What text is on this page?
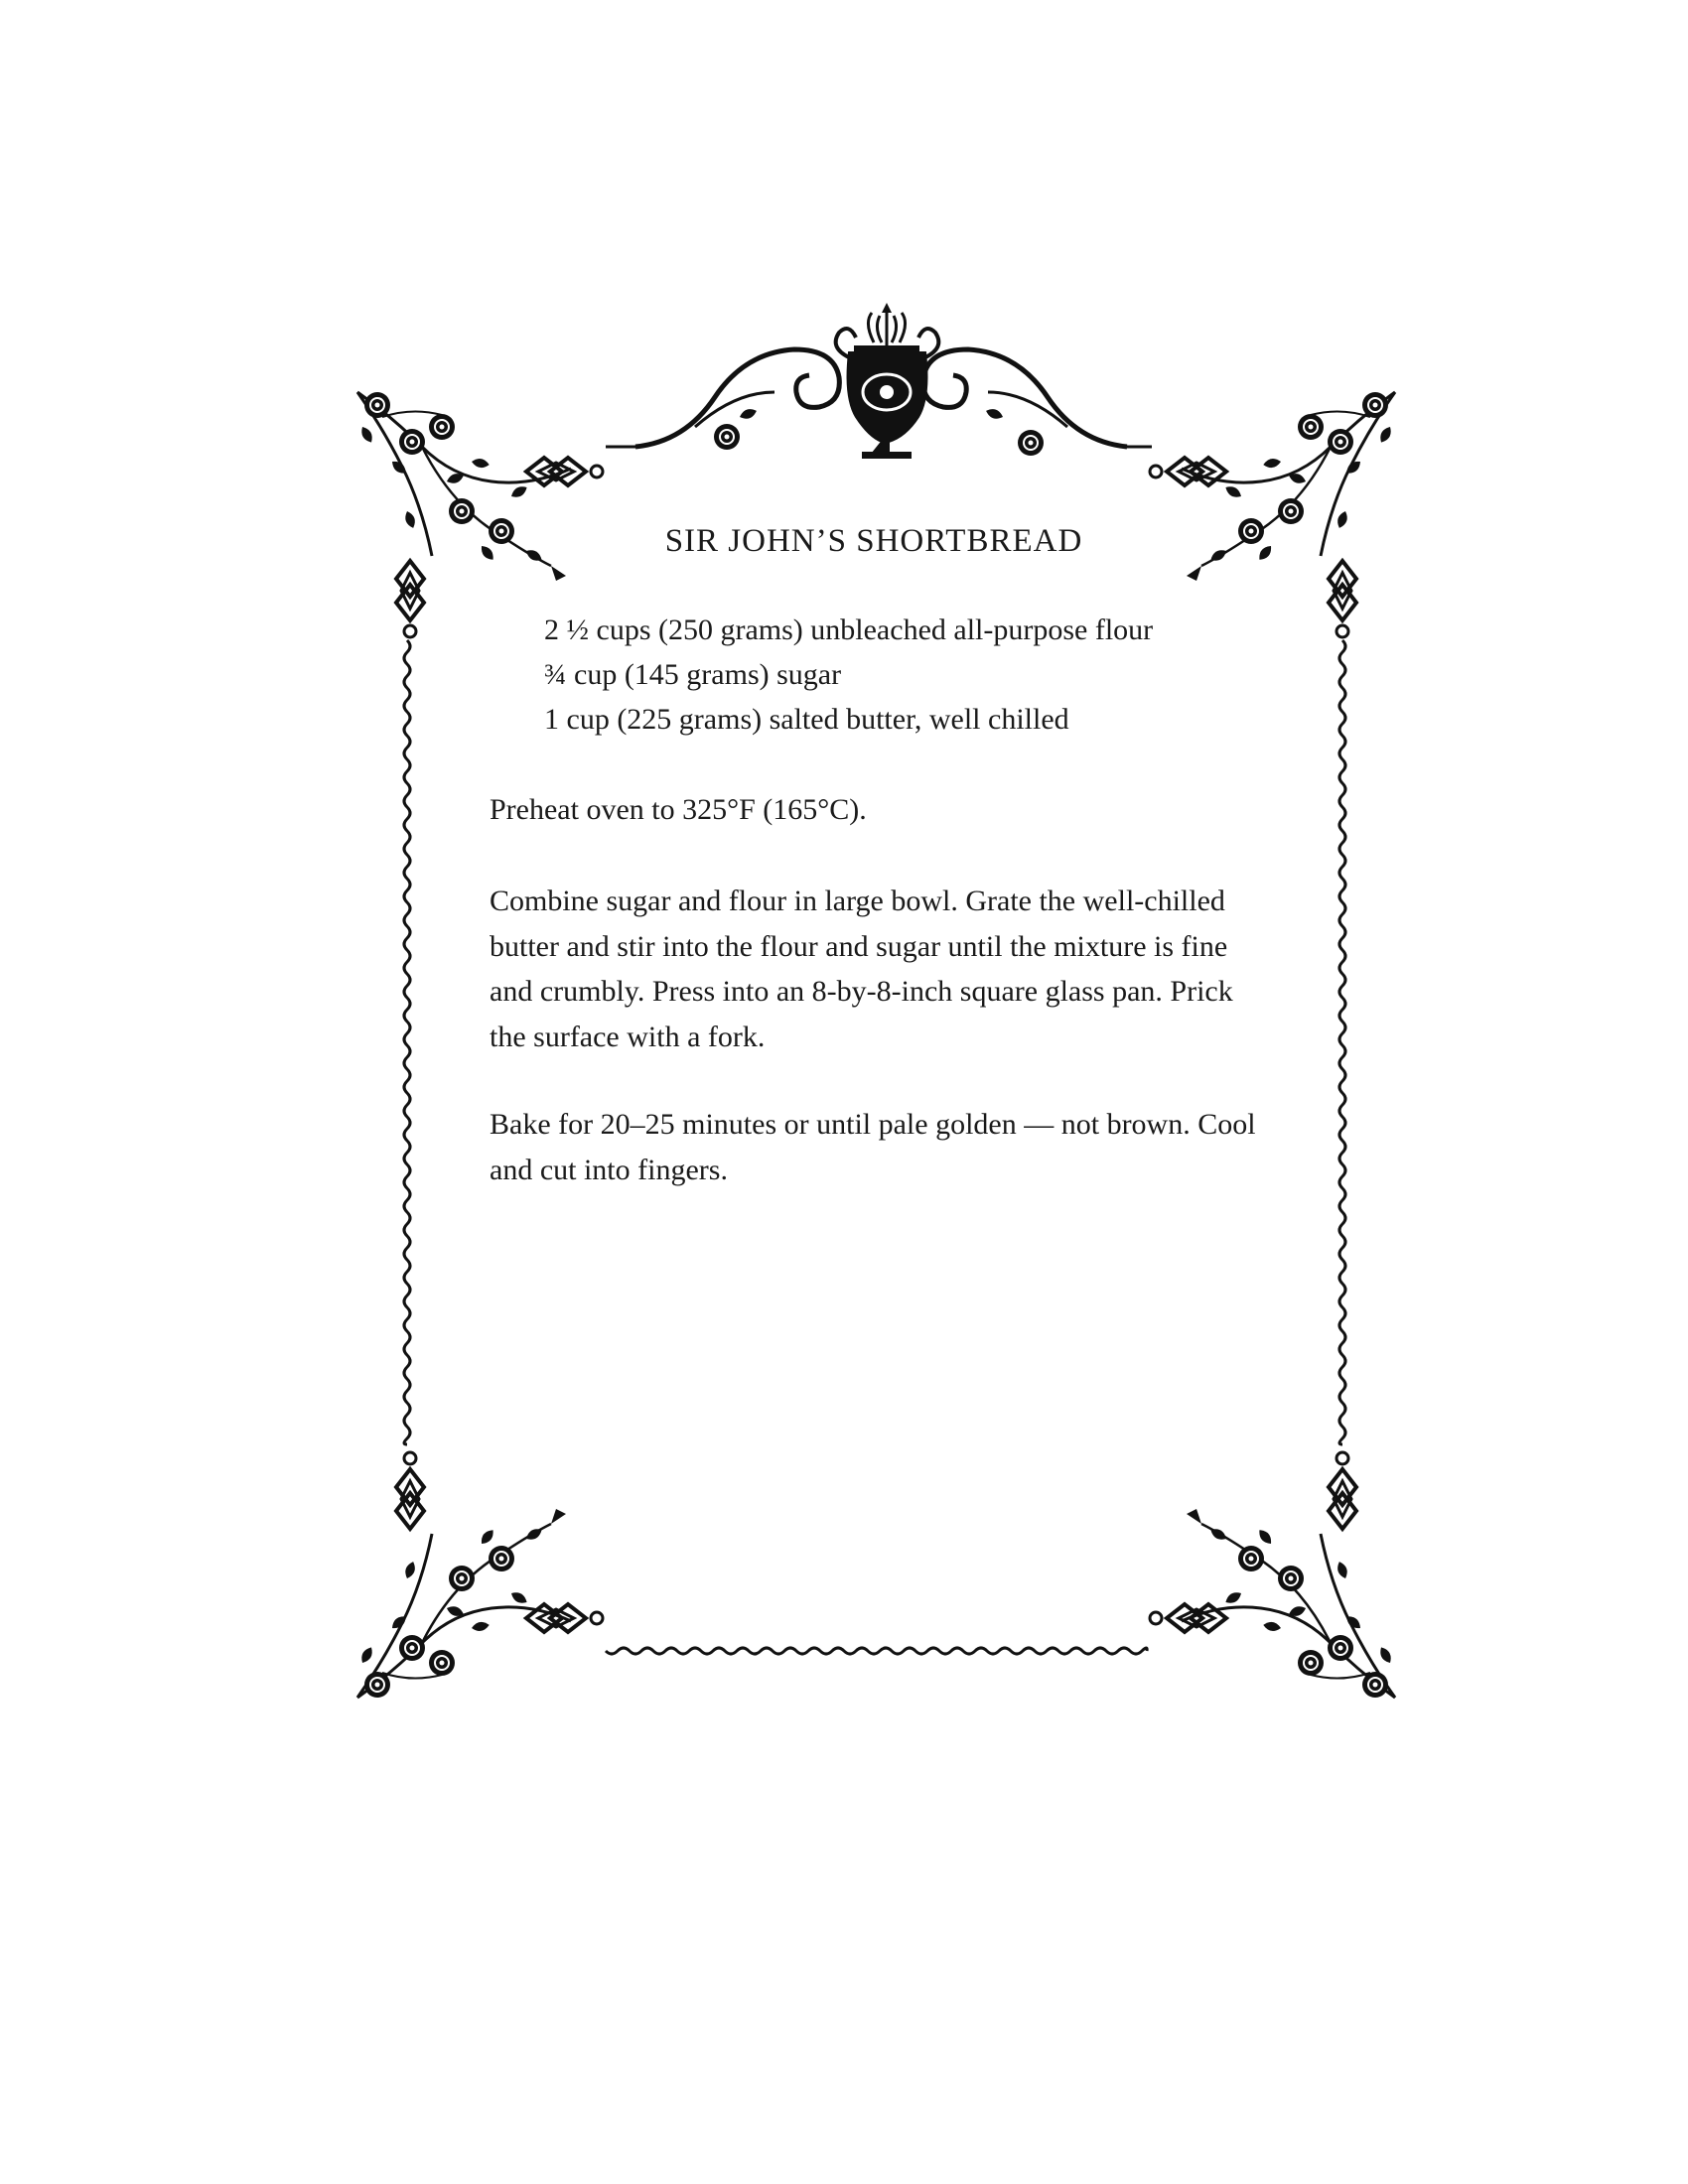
SIR JOHN’S SHORTBREAD
2 ½ cups (250 grams) unbleached all-purpose flour
¾ cup (145 grams) sugar
1 cup (225 grams) salted butter, well chilled

Preheat oven to 325°F (165°C).

Combine sugar and flour in large bowl. Grate the well-chilled butter and stir into the flour and sugar until the mixture is fine and crumbly. Press into an 8-by-8-inch square glass pan. Prick the surface with a fork.

Bake for 20–25 minutes or until pale golden — not brown. Cool and cut into fingers.
